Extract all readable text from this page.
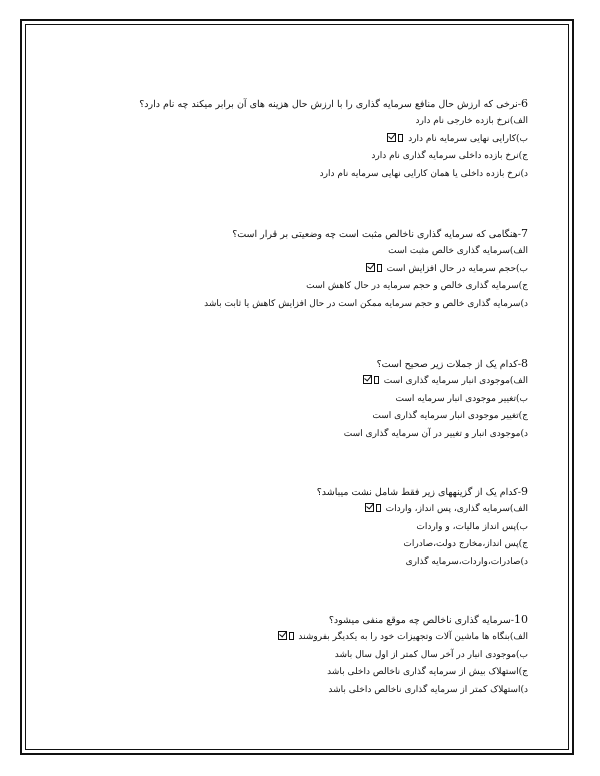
6-نرخی که ارزش حال منافع سرمایه گذاری را با ارزش حال هزینه های آن برابر میکند چه نام دارد؟
الف)نرخ بازده خارجی نام دارد
ب)کارایی نهایی سرمایه نام دارد
ج)نرخ بازده داخلی سرمایه گذاری نام دارد
د)نرخ بازده داخلی یا همان کارایی نهایی سرمایه نام دارد
7-هنگامی که سرمایه گذاری ناخالص مثبت است چه وضعیتی بر قرار است؟
الف)سرمایه گذاری خالص مثبت است
ب)حجم سرمایه در حال افزایش است
ج)سرمایه گذاری خالص و حجم سرمایه در حال کاهش است
د)سرمایه گذاری خالص و حجم سرمایه ممکن است در حال افزایش کاهش یا ثابت باشد
8-کدام یک از جملات زیر صحیح است؟
الف)موجودی انبار سرمایه گذاری است
ب)تغییر موجودی انبار سرمایه است
ج)تغییر موجودی انبار سرمایه گذاری است
د)موجودی انبار و تغییر در آن سرمایه گذاری است
9-کدام یک از گزینههای زیر فقط شامل نشت میباشد؟
الف)سرمایه گذاری، پس انداز، واردات
ب)پس انداز مالیات، و واردات
ج)پس انداز،مخارج دولت،صادرات
د)صادرات،واردات،سرمایه گذاری
10-سرمایه گذاری ناخالص چه موقع منفی میشود؟
الف)بنگاه ها ماشین آلات وتجهیزات خود را به یکدیگر بفروشند
ب)موجودی انبار در آخر سال کمتر از اول سال باشد
ج)استهلاک بیش از سرمایه گذاری ناخالص داخلی باشد
د)استهلاک کمتر از سرمایه گذاری ناخالص داخلی باشد
